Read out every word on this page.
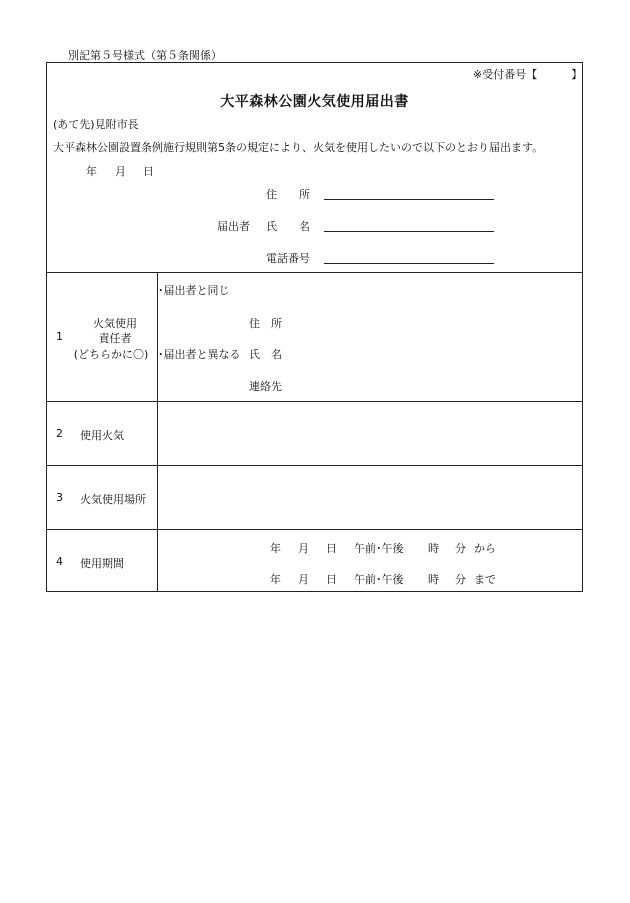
別記第５号様式（第５条関係）
※受付番号【	】
大平森林公園火気使用届出書
(あて先)見附市長
大平森林公園設置条例施行規則第5条の規定により、火気を使用したいので以下のとおり届出ます。
年 月 日
住　　所
届出者 氏　　名
電話番号
1
火気使用
責任者
(どちらかに〇)
･届出者と同じ
住　所
･届出者と異なる 氏　名
連絡先
2 使用火気
3 火気使用場所
4 使用期間
年 月 日 午前･午後 時 分 から
年 月 日 午前･午後 時 分 まで
